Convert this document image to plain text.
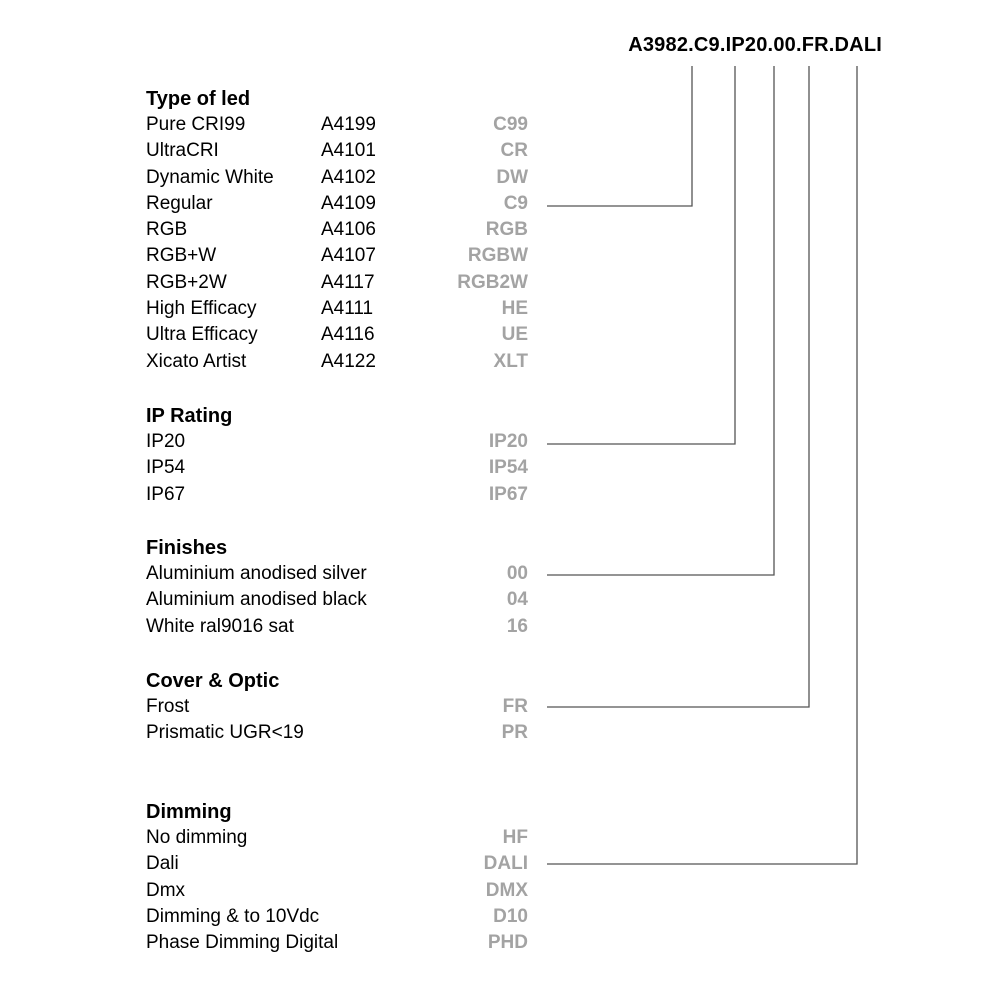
A3982.C9.IP20.00.FR.DALI
Type of led
Pure CRI99	A4199	C99
UltraCRI	A4101	CR
Dynamic White A4102	DW
Regular	A4109	C9
RGB	A4106	RGB
RGB+W	A4107	RGBW
RGB+2W	A4117	RGB2W
High Efficacy	A4111	HE
Ultra Efficacy	A4116	UE
Xicato Artist	A4122	XLT
IP Rating
IP20	IP20
IP54	IP54
IP67	IP67
Finishes
Aluminium anodised silver	00
Aluminium anodised black	04
White ral9016 sat	16
Cover & Optic
Frost	FR
Prismatic UGR<19	PR
Dimming
No dimming	HF
Dali	DALI
Dmx	DMX
Dimming & to 10Vdc	D10
Phase Dimming Digital	PHD
